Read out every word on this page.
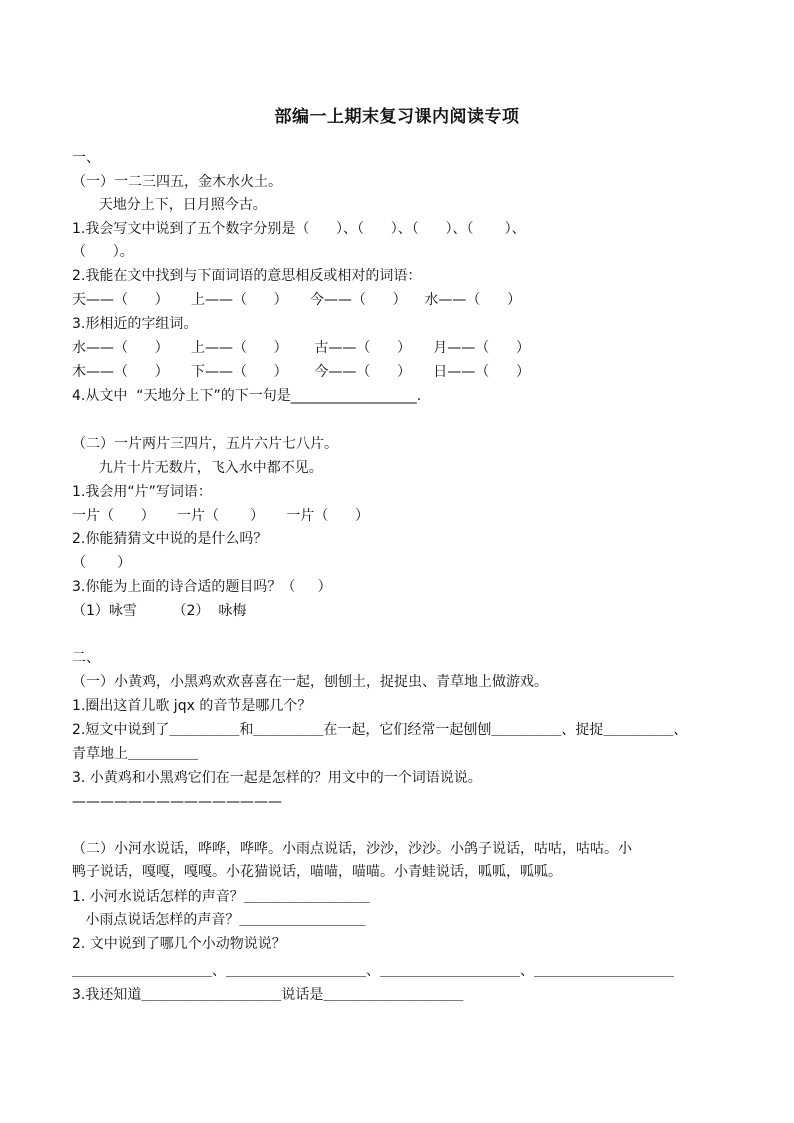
部编一上期末复习课内阅读专项
一、
（一）一二三四五，金木水火土。
天地分上下，日月照今古。
1.我会写文中说到了五个数字分别是（      ）、（      ）、（      ）、（       ）、
（      ）。
2.我能在文中找到与下面词语的意思相反或相对的词语：
天——（      ）     上——（      ）     今——（      ）    水——（      ）
3.形相近的字组词。
水——（      ）     上——（      ）      古——（      ）     月——（      ）
木——（      ）     下——（      ）      今——（      ）     日——（      ）
4.从文中  “天地分上下”的下一句是__________________.
（二）一片两片三四片，五片六片七八片。
九片十片无数片，飞入水中都不见。
1.我会用“片”写词语：
一片（      ）     一片（       ）     一片（      ）
2.你能猜猜文中说的是什么吗？
（       ）
3.你能为上面的诗合适的题目吗？（     ）
（1）咏雪        （2）  咏梅
二、
（一）小黄鸡，小黑鸡欢欢喜喜在一起，刨刨土，捉捉虫、青草地上做游戏。
1.圈出这首儿歌 jqx 的音节是哪几个？
2.短文中说到了＿＿＿＿＿和＿＿＿＿＿在一起，它们经常一起刨刨＿＿＿＿＿、捉捉＿＿＿＿＿、
青草地上＿＿＿＿＿
3. 小黄鸡和小黑鸡它们在一起是怎样的？用文中的一个词语说说。
———————————————
（二）小河水说话，哗哗，哗哗。小雨点说话，沙沙，沙沙。小鸽子说话，咕咕，咕咕。小
鸭子说话，嘎嘎，嘎嘎。小花猫说话，喵喵，喵喵。小青蛙说话，呱呱，呱呱。
1. 小河水说话怎样的声音？＿＿＿＿＿＿＿＿＿
小雨点说话怎样的声音？＿＿＿＿＿＿＿＿＿
2. 文中说到了哪几个小动物说说？
＿＿＿＿＿＿＿＿＿＿、＿＿＿＿＿＿＿＿＿＿、＿＿＿＿＿＿＿＿＿＿、＿＿＿＿＿＿＿＿＿＿
3.我还知道＿＿＿＿＿＿＿＿＿＿说话是＿＿＿＿＿＿＿＿＿＿
